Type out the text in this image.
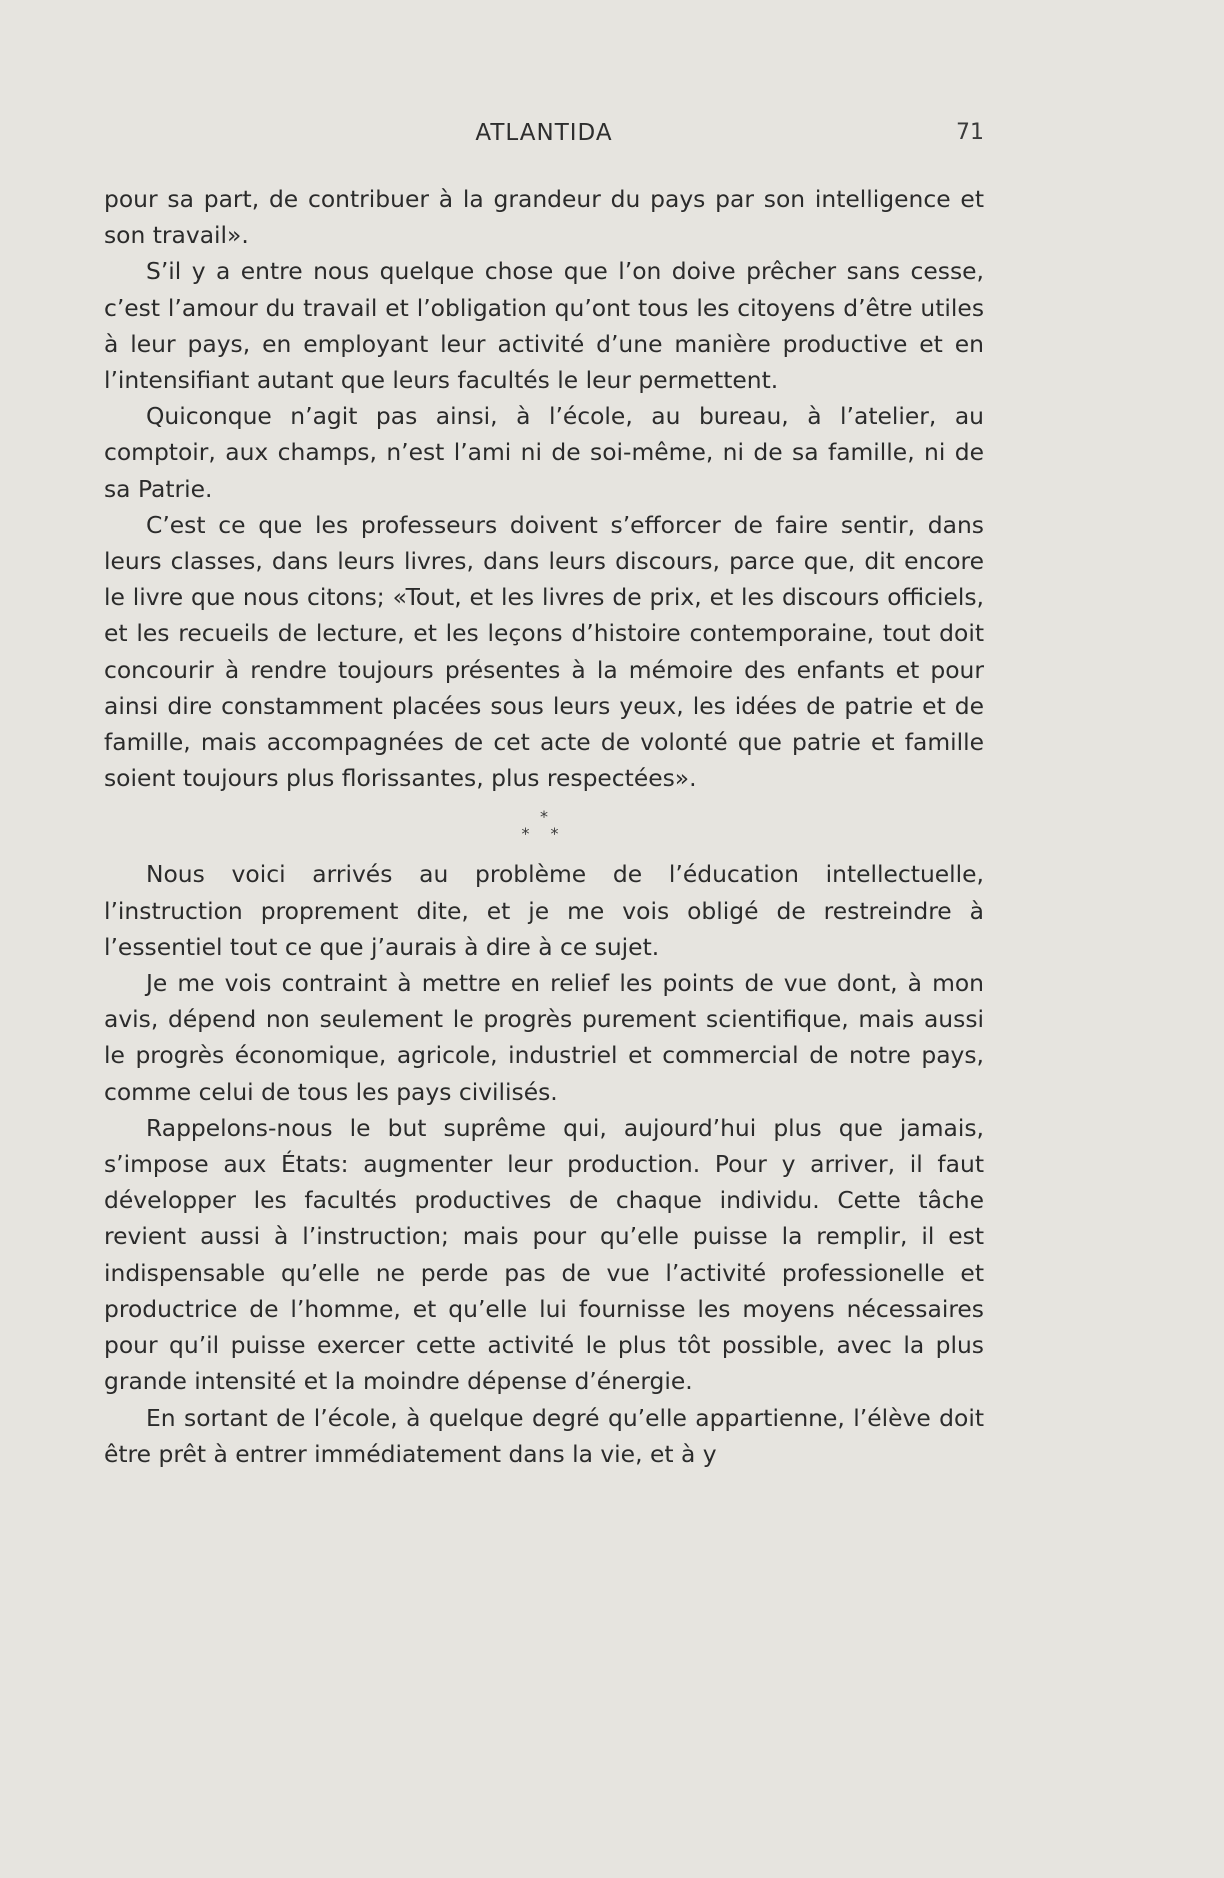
ATLANTIDA	71

pour sa part, de contribuer à la grandeur du pays par son intelligence et son travail».

S’il y a entre nous quelque chose que l’on doive prêcher sans cesse, c’est l’amour du travail et l’obligation qu’ont tous les citoyens d’être utiles à leur pays, en employant leur activité d’une manière productive et en l’intensifiant autant que leurs facultés le leur permettent.

Quiconque n’agit pas ainsi, à l’école, au bureau, à l’atelier, au comptoir, aux champs, n’est l’ami ni de soi-même, ni de sa famille, ni de sa Patrie.

C’est ce que les professeurs doivent s’efforcer de faire sentir, dans leurs classes, dans leurs livres, dans leurs discours, parce que, dit encore le livre que nous citons; «Tout, et les livres de prix, et les discours officiels, et les recueils de lecture, et les leçons d’histoire contemporaine, tout doit concourir à rendre toujours présentes à la mémoire des enfants et pour ainsi dire constamment placées sous leurs yeux, les idées de patrie et de famille, mais accompagnées de cet acte de volonté que patrie et famille soient toujours plus florissantes, plus respectées».

*
* *

Nous voici arrivés au problème de l’éducation intellectuelle, l’instruction proprement dite, et je me vois obligé de restreindre à l’essentiel tout ce que j’aurais à dire à ce sujet.

Je me vois contraint à mettre en relief les points de vue dont, à mon avis, dépend non seulement le progrès purement scientifique, mais aussi le progrès économique, agricole, industriel et commercial de notre pays, comme celui de tous les pays civilisés.

Rappelons-nous le but suprême qui, aujourd’hui plus que jamais, s’impose aux États: augmenter leur production. Pour y arriver, il faut développer les facultés productives de chaque individu. Cette tâche revient aussi à l’instruction; mais pour qu’elle puisse la remplir, il est indispensable qu’elle ne perde pas de vue l’activité professionelle et productrice de l’homme, et qu’elle lui fournisse les moyens nécessaires pour qu’il puisse exercer cette activité le plus tôt possible, avec la plus grande intensité et la moindre dépense d’énergie.

En sortant de l’école, à quelque degré qu’elle appartienne, l’élève doit être prêt à entrer immédiatement dans la vie, et à y
